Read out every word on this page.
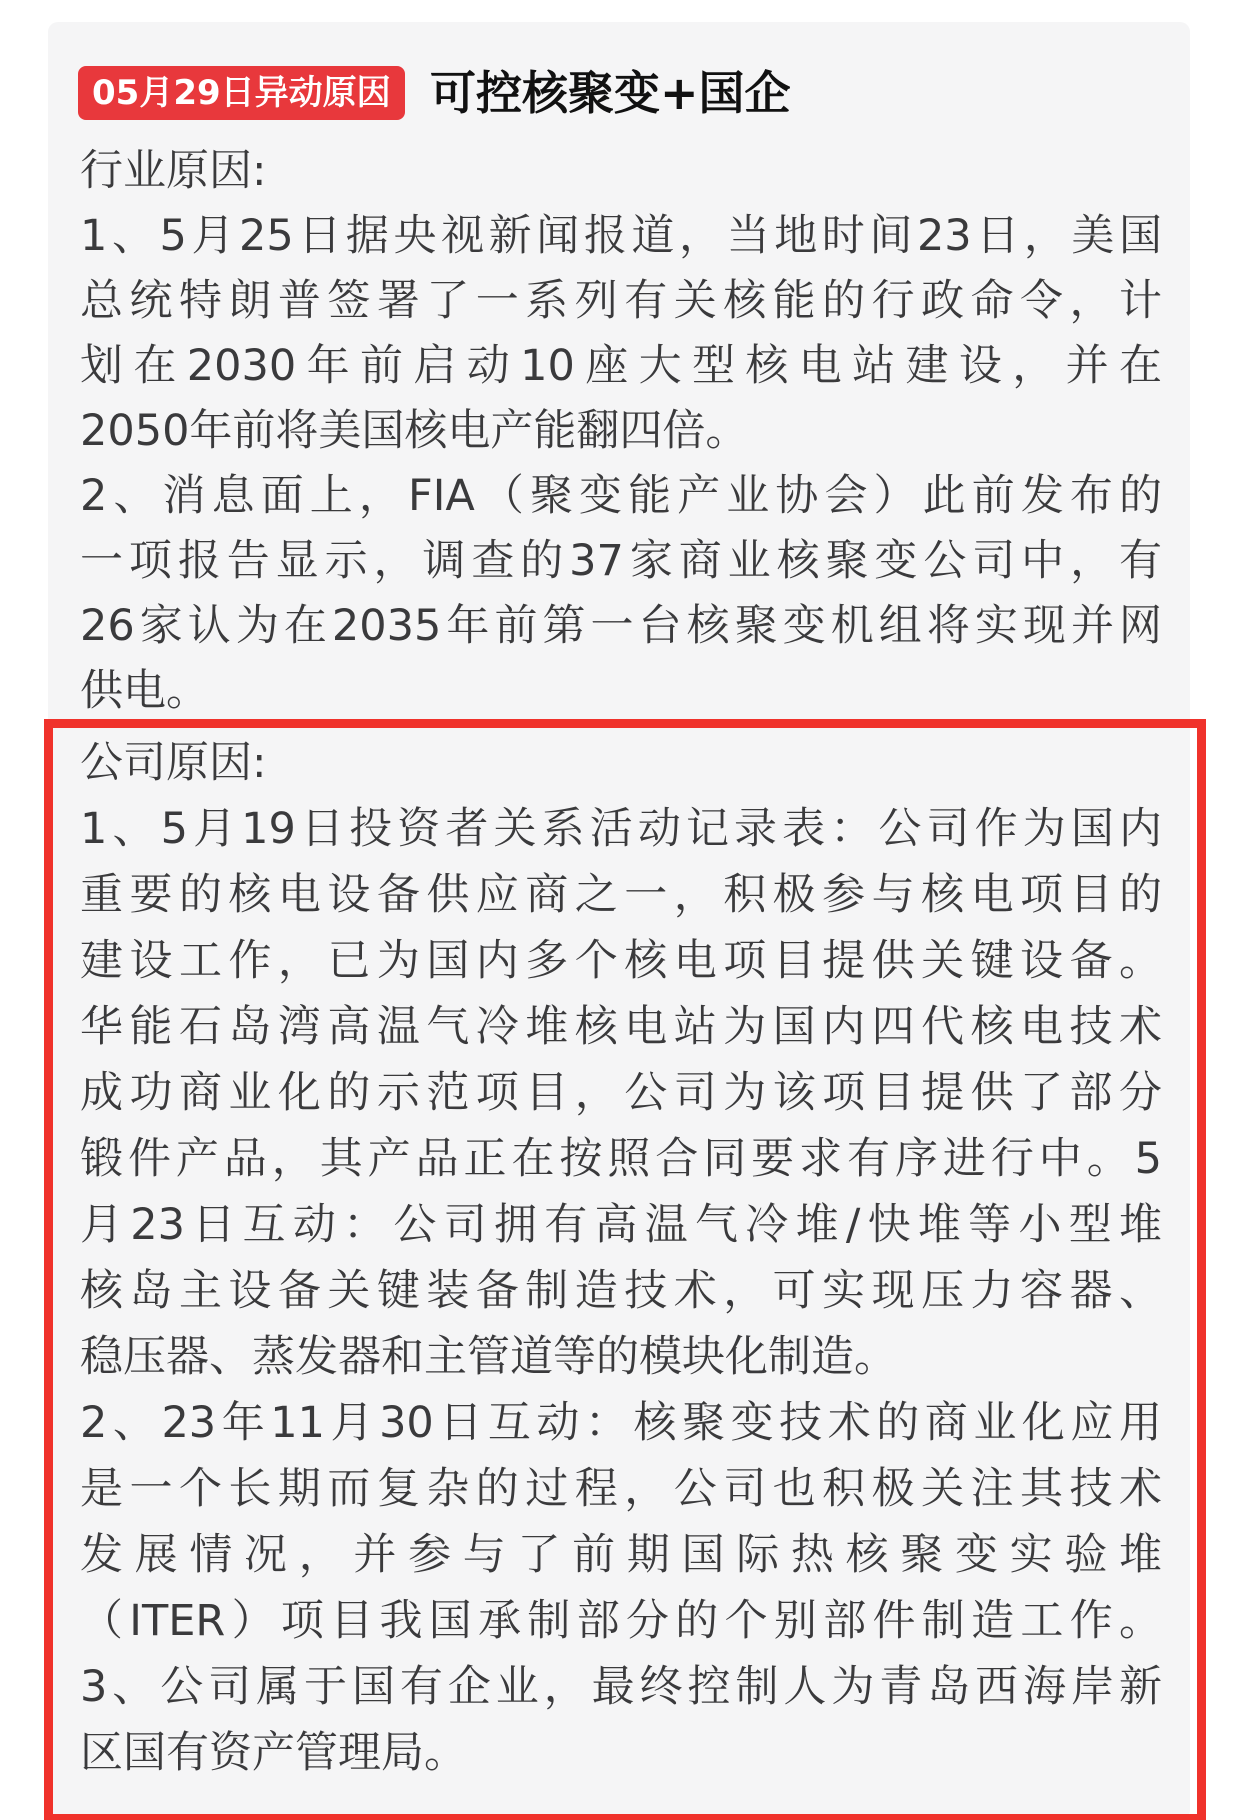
05月29日异动原因 可控核聚变+国企
行业原因:
1、5月25日据央视新闻报道，当地时间23日，美国
总统特朗普签署了一系列有关核能的行政命令，计
划在2030年前启动10座大型核电站建设，并在
2050年前将美国核电产能翻四倍。
2、消息面上，FIA（聚变能产业协会）此前发布的
一项报告显示，调查的37家商业核聚变公司中，有
26家认为在2035年前第一台核聚变机组将实现并网
供电。
公司原因:
1、5月19日投资者关系活动记录表：公司作为国内
重要的核电设备供应商之一，积极参与核电项目的
建设工作，已为国内多个核电项目提供关键设备。
华能石岛湾高温气冷堆核电站为国内四代核电技术
成功商业化的示范项目，公司为该项目提供了部分
锻件产品，其产品正在按照合同要求有序进行中。5
月23日互动：公司拥有高温气冷堆/快堆等小型堆
核岛主设备关键装备制造技术，可实现压力容器、
稳压器、蒸发器和主管道等的模块化制造。
2、23年11月30日互动：核聚变技术的商业化应用
是一个长期而复杂的过程，公司也积极关注其技术
发展情况，并参与了前期国际热核聚变实验堆
（ITER）项目我国承制部分的个别部件制造工作。
3、公司属于国有企业，最终控制人为青岛西海岸新
区国有资产管理局。
